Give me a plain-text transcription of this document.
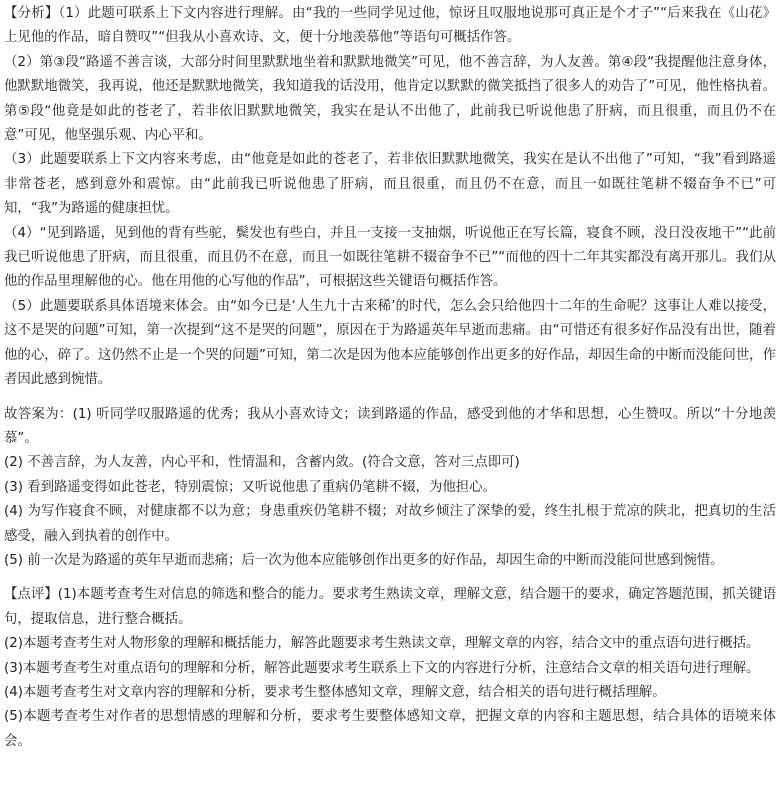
【分析】（1）此题可联系上下文内容进行理解。由“我的一些同学见过他，惊讶且叹服地说那可真正是个才子”“后来我在《山花》上见他的作品，暗自赞叹”“但我从小喜欢诗、文，便十分地羡慕他”等语句可概括作答。

（2）第③段“路遥不善言谈，大部分时间里默默地坐着和默默地微笑”可见，他不善言辞，为人友善。第④段“我提醒他注意身体，他默默地微笑，我再说，他还是默默地微笑，我知道我的话没用，他肯定以默默的微笑抵挡了很多人的劝告了”可见，他性格执着。第⑤段“他竟是如此的苍老了，若非依旧默默地微笑，我实在是认不出他了，此前我已听说他患了肝病，而且很重，而且仍不在意”可见，他坚强乐观、内心平和。

（3）此题要联系上下文内容来考虑，由“他竟是如此的苍老了，若非依旧默默地微笑，我实在是认不出他了”可知，“我”看到路遥非常苍老，感到意外和震惊。由“此前我已听说他患了肝病，而且很重，而且仍不在意，而且一如既往笔耕不辍奋争不已”可知，“我”为路遥的健康担忧。

（4）“见到路遥，见到他的背有些驼，鬓发也有些白，并且一支接一支抽烟，听说他正在写长篇，寝食不顾，没日没夜地干”“此前我已听说他患了肝病，而且很重，而且仍不在意，而且一如既往笔耕不辍奋争不已”“而他的四十二年其实都没有离开那儿。我们从他的作品里理解他的心。他在用他的心写他的作品”，可根据这些关键语句概括作答。

（5）此题要联系具体语境来体会。由“如今已是‘人生九十古来稀’的时代，怎么会只给他四十二年的生命呢？这事让人难以接受，这不是哭的问题”可知，第一次提到“这不是哭的问题”，原因在于为路遥英年早逝而悲痛。由“可惜还有很多好作品没有出世，随着他的心，碎了。这仍然不止是一个哭的问题”可知，第二次是因为他本应能够创作出更多的好作品，却因生命的中断而没能问世，作者因此感到惋惜。

故答案为：(1) 听同学叹服路遥的优秀；我从小喜欢诗文；读到路遥的作品，感受到他的才华和思想，心生赞叹。所以“十分地羡慕”。

(2) 不善言辞，为人友善，内心平和，性情温和，含蓄内敛。(符合文意，答对三点即可)

(3) 看到路遥变得如此苍老，特别震惊；又听说他患了重病仍笔耕不辍，为他担心。

(4) 为写作寝食不顾，对健康都不以为意；身患重疾仍笔耕不辍；对故乡倾注了深挚的爱，终生扎根于荒凉的陕北，把真切的生活感受，融入到执着的创作中。

(5) 前一次是为路遥的英年早逝而悲痛；后一次为他本应能够创作出更多的好作品，却因生命的中断而没能问世感到惋惜。

【点评】(1)本题考查考生对信息的筛选和整合的能力。要求考生熟读文章，理解文意，结合题干的要求，确定答题范围，抓关键语句，提取信息，进行整合概括。

(2)本题考查考生对人物形象的理解和概括能力，解答此题要求考生熟读文章，理解文章的内容，结合文中的重点语句进行概括。

(3)本题考查考生对重点语句的理解和分析，解答此题要求考生联系上下文的内容进行分析，注意结合文章的相关语句进行理解。

(4)本题考查考生对文章内容的理解和分析，要求考生整体感知文章，理解文意，结合相关的语句进行概括理解。

(5)本题考查考生对作者的思想情感的理解和分析，要求考生要整体感知文章，把握文章的内容和主题思想，结合具体的语境来体会。
